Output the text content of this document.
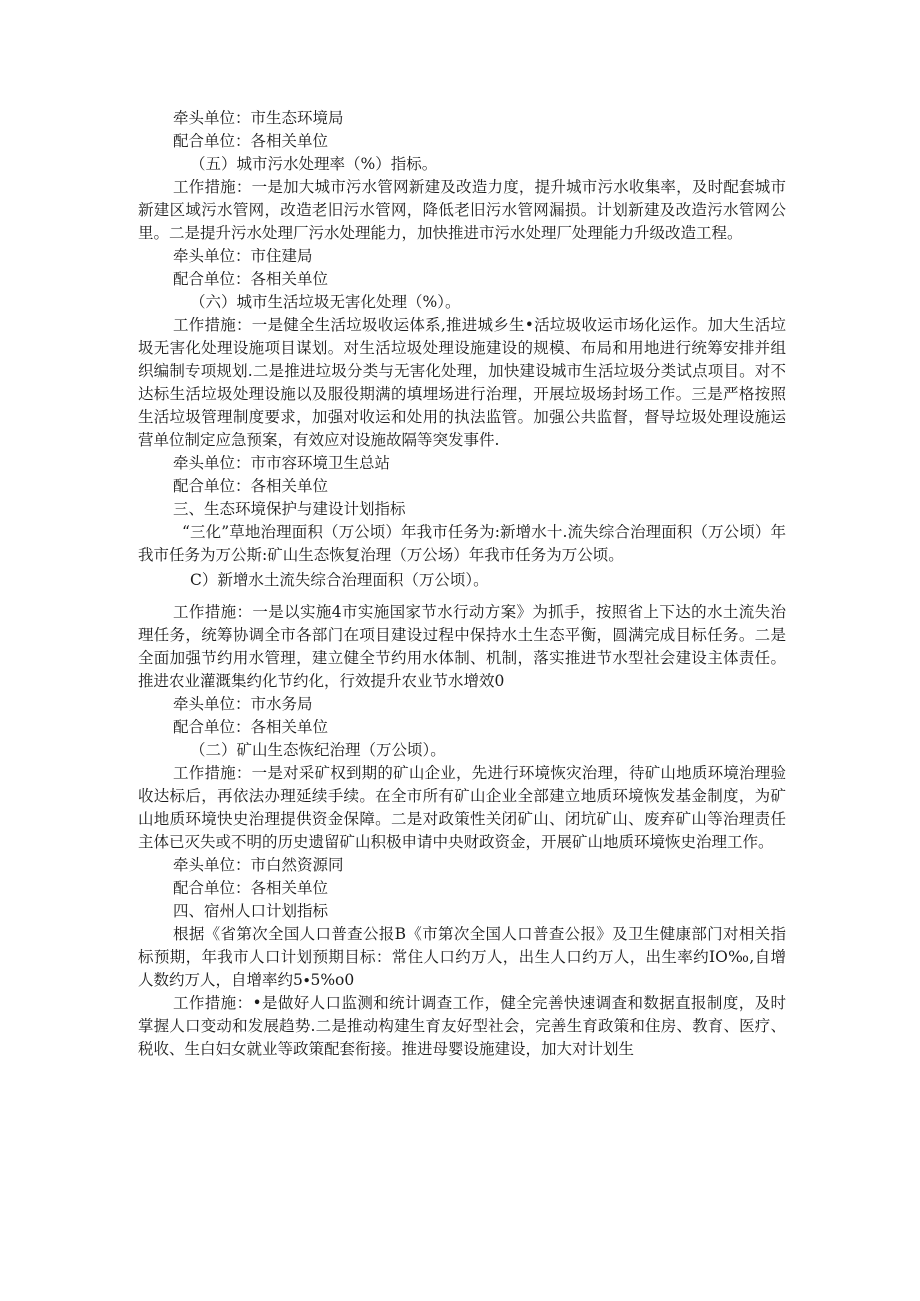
牵头单位：市生态环境局

配合单位：各相关单位

（五）城市污水处理率（%）指标。

工作措施：一是加大城市污水管网新建及改造力度，提升城市污水收集率，及时配套城市新建区域污水管网，改造老旧污水管网，降低老旧污水管网漏损。计划新建及改造污水管网公里。二是提升污水处理厂污水处理能力，加快推进市污水处理厂处理能力升级改造工程。

牵头单位：市住建局

配合单位：各相关单位

（六）城市生活垃圾无害化处理（%）。

工作措施：一是健全生活垃圾收运体系,推进城乡生•活垃圾收运市场化运作。加大生活垃圾无害化处理设施项目谋划。对生活垃圾处理设施建设的规模、布局和用地进行统筹安排并组织编制专项规划.二是推进垃圾分类与无害化处理，加快建设城市生活垃圾分类试点项目。对不达标生活垃圾处理设施以及服役期满的填埋场进行治理，开展垃圾场封场工作。三是严格按照生活垃圾管理制度要求，加强对收运和处用的执法监管。加强公共监督，督导垃圾处理设施运营单位制定应急预案，有效应对设施故隔等突发事件.

牵头单位：市市容环境卫生总站

配合单位：各相关单位

三、生态环境保护与建设计划指标

“三化”草地治理面积（万公顷）年我市任务为:新增水十.流失综合治理面积（万公顷）年我市任务为万公斯:矿山生态恢复治理（万公场）年我市任务为万公顷。

C）新增水土流失综合治理面积（万公顷）。

工作措施：一是以实施4市实施国家节水行动方案》为抓手，按照省上下达的水土流失治理任务，统筹协调全市各部门在项目建设过程中保持水土生态平衡，圆满完成目标任务。二是全面加强节约用水管理，建立健全节约用水体制、机制，落实推进节水型社会建设主体责任。推进农业灌溉集约化节约化，行效提升农业节水增效0

牵头单位：市水务局

配合单位：各相关单位

（二）矿山生态恢纪治理（万公顷）。

工作措施：一是对采矿权到期的矿山企业，先进行环境恢灾治理，待矿山地质环境治理验收达标后，再依法办理延续手续。在全市所有矿山企业全部建立地质环境恢发基金制度，为矿山地质环境快史治理提供资金保障。二是对政策性关闭矿山、闭坑矿山、废弃矿山等治理责任主体已灭失或不明的历史遗留矿山积极申请中央财政资金，开展矿山地质环境恢史治理工作。

牵头单位：市白然资源同

配合单位：各相关单位

四、宿州人口计划指标

根据《省第次全国人口普查公报B《市第次全国人口普查公报》及卫生健康部门对相关指标预期，年我市人口计划预期目标：常住人口约万人，出生人口约万人，出生率约IO‰,自增人数约万人，自增率约5∙5%o0

工作措施：•是做好人口监测和统计调查工作，健全完善快速调査和数据直报制度，及时掌握人口变动和发展趋势.二是推动构建生育友好型社会，完善生育政策和住房、教育、医疗、税收、生白妇女就业等政策配套衔接。推进母婴设施建设，加大对计划生
